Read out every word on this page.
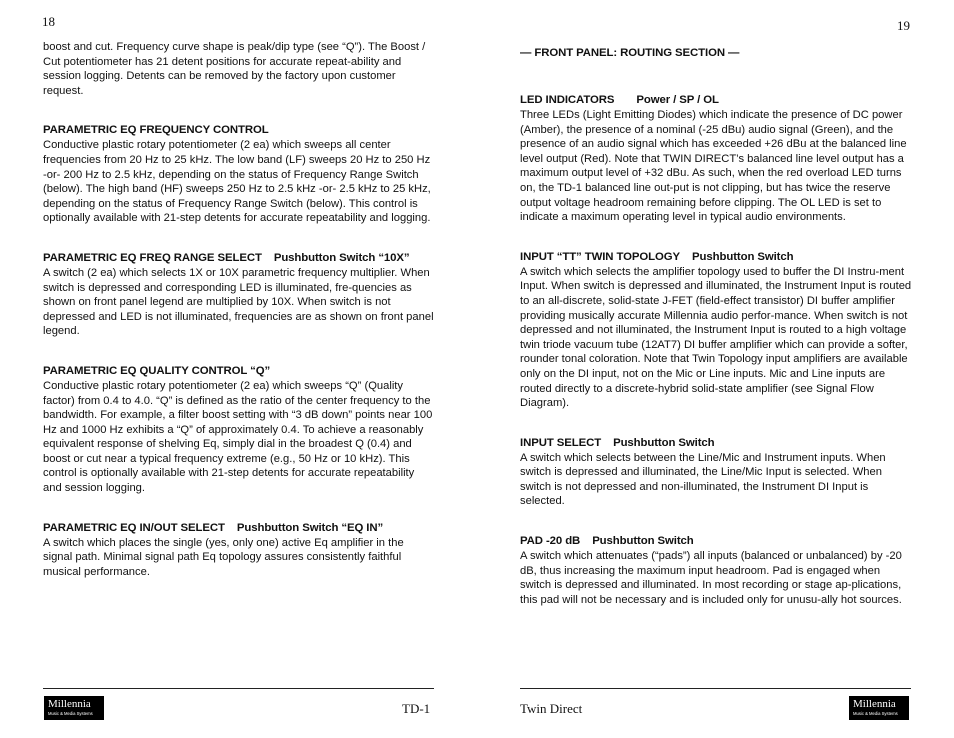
18

boost and cut. Frequency curve shape is peak/dip type (see “Q”). The Boost / Cut potentiometer has 21 detent positions for accurate repeat-ability and session logging. Detents can be removed by the factory upon customer request.

PARAMETRIC EQ FREQUENCY CONTROL

Conductive plastic rotary potentiometer (2 ea) which sweeps all center frequencies from 20 Hz to 25 kHz. The low band (LF) sweeps 20 Hz to 250 Hz -or- 200 Hz to 2.5 kHz, depending on the status of Frequency Range Switch (below). The high band (HF) sweeps 250 Hz to 2.5 kHz -or- 2.5 kHz to 25 kHz, depending on the status of Frequency Range Switch (below). This control is optionally available with 21-step detents for accurate repeatability and logging.

PARAMETRIC EQ FREQ RANGE SELECT Pushbutton Switch “10X”

A switch (2 ea) which selects 1X or 10X parametric frequency multiplier. When switch is depressed and corresponding LED is illuminated, fre-quencies as shown on front panel legend are multiplied by 10X. When switch is not depressed and LED is not illuminated, frequencies are as shown on front panel legend.

PARAMETRIC EQ QUALITY CONTROL “Q”

Conductive plastic rotary potentiometer (2 ea) which sweeps “Q” (Quality factor) from 0.4 to 4.0. “Q” is defined as the ratio of the center frequency to the bandwidth. For example, a filter boost setting with “3 dB down” points near 100 Hz and 1000 Hz exhibits a “Q” of approximately 0.4. To achieve a reasonably equivalent response of shelving Eq, simply dial in the broadest Q (0.4) and boost or cut near a typical frequency extreme (e.g., 50 Hz or 10 kHz). This control is optionally available with 21-step detents for accurate repeatability and session logging.

PARAMETRIC EQ IN/OUT SELECT Pushbutton Switch “EQ IN”

A switch which places the single (yes, only one) active Eq amplifier in the signal path. Minimal signal path Eq topology assures consistently faithful musical performance.

Millennia
Music & Media Systems	TD-1
19
— FRONT PANEL: ROUTING SECTION —
LED INDICATORS Power / SP / OL

Three LEDs (Light Emitting Diodes) which indicate the presence of DC power (Amber), the presence of a nominal (-25 dBu) audio signal (Green), and the presence of an audio signal which has exceeded +26 dBu at the balanced line level output (Red). Note that TWIN DIRECT’s balanced line level output has a maximum output level of +32 dBu. As such, when the red overload LED turns on, the TD-1 balanced line out-put is not clipping, but has twice the reserve output voltage headroom remaining before clipping. The OL LED is set to indicate a maximum operating level in typical audio environments.

INPUT “TT” TWIN TOPOLOGY Pushbutton Switch

A switch which selects the amplifier topology used to buffer the DI Instru-ment Input. When switch is depressed and illuminated, the Instrument Input is routed to an all-discrete, solid-state J-FET (field-effect transistor) DI buffer amplifier providing musically accurate Millennia audio perfor-mance. When switch is not depressed and not illuminated, the Instrument Input is routed to a high voltage twin triode vacuum tube (12AT7) DI buffer amplifier which can provide a softer, rounder tonal coloration. Note that Twin Topology input amplifiers are available only on the DI input, not on the Mic or Line inputs. Mic and Line inputs are routed directly to a discrete-hybrid solid-state amplifier (see Signal Flow Diagram).

INPUT SELECT Pushbutton Switch

A switch which selects between the Line/Mic and Instrument inputs. When switch is depressed and illuminated, the Line/Mic Input is selected. When switch is not depressed and non-illuminated, the Instrument DI Input is selected.

PAD -20 dB Pushbutton Switch

A switch which attenuates (“pads”) all inputs (balanced or unbalanced) by -20 dB, thus increasing the maximum input headroom. Pad is engaged when switch is depressed and illuminated. In most recording or stage ap-plications, this pad will not be necessary and is included only for unusu-ally hot sources.

Twin Direct	Millennia
Music & Media Systems
